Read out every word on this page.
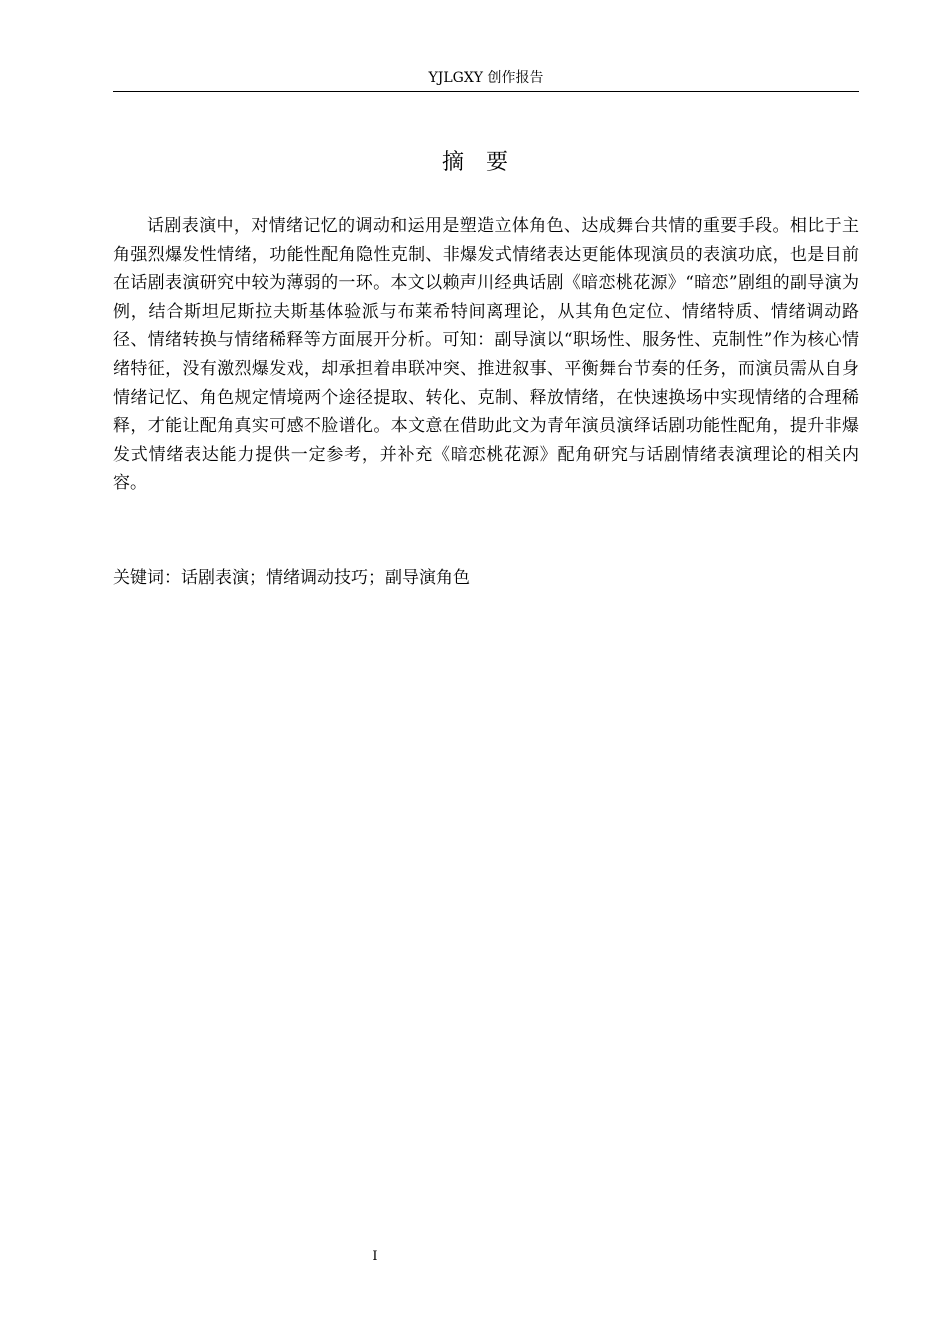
YJLGXY 创作报告
摘要

话剧表演中，对情绪记忆的调动和运用是塑造立体角色、达成舞台共情的重要手段。相比于主角强烈爆发性情绪，功能性配角隐性克制、非爆发式情绪表达更能体现演员的表演功底，也是目前在话剧表演研究中较为薄弱的一环。本文以赖声川经典话剧《暗恋桃花源》“暗恋”剧组的副导演为例，结合斯坦尼斯拉夫斯基体验派与布莱希特间离理论，从其角色定位、情绪特质、情绪调动路径、情绪转换与情绪稀释等方面展开分析。可知：副导演以“职场性、服务性、克制性”作为核心情绪特征，没有激烈爆发戏，却承担着串联冲突、推进叙事、平衡舞台节奏的任务，而演员需从自身情绪记忆、角色规定情境两个途径提取、转化、克制、释放情绪，在快速换场中实现情绪的合理稀释，才能让配角真实可感不脸谱化。本文意在借助此文为青年演员演绎话剧功能性配角，提升非爆发式情绪表达能力提供一定参考，并补充《暗恋桃花源》配角研究与话剧情绪表演理论的相关内容。

关键词：话剧表演；情绪调动技巧；副导演角色

I
